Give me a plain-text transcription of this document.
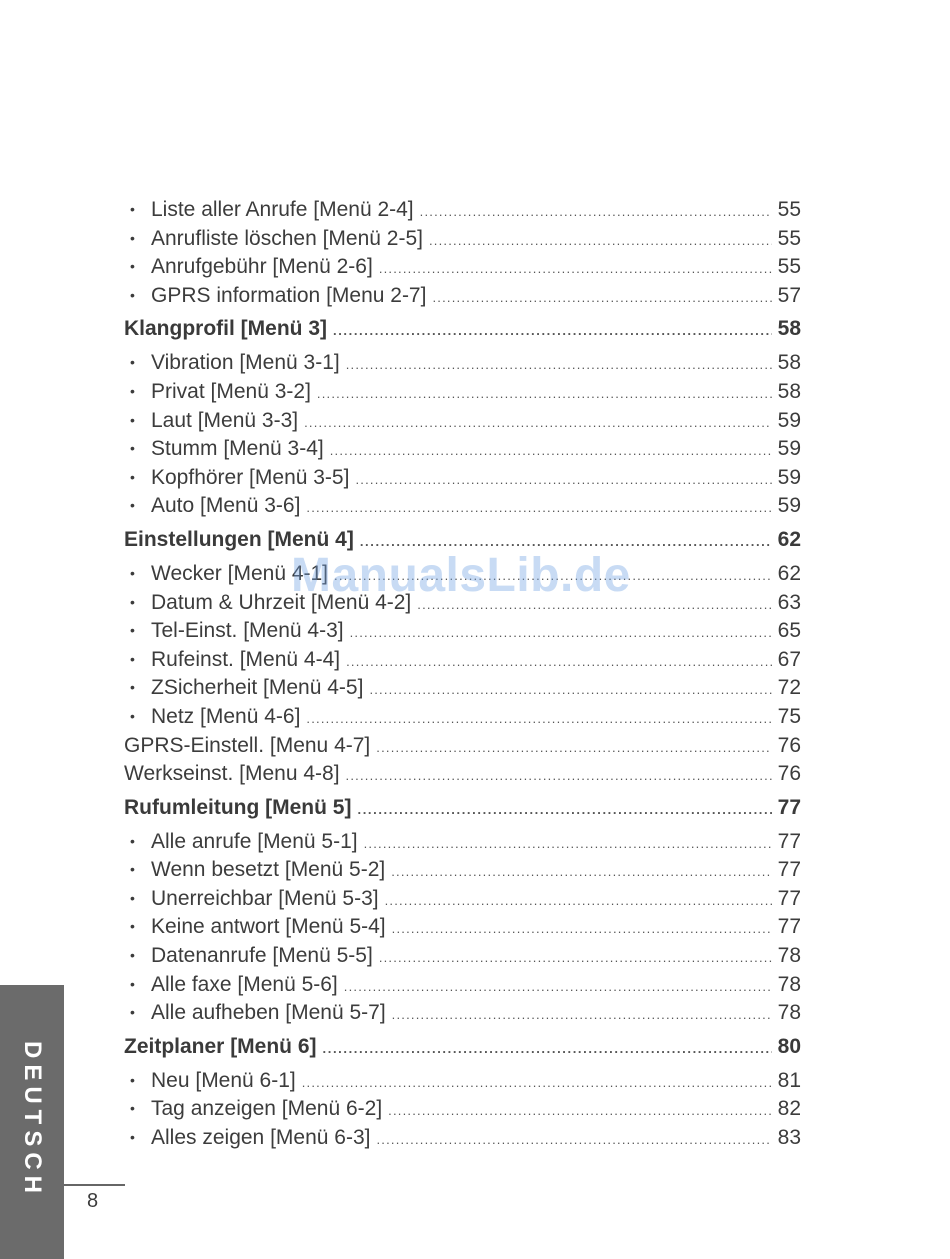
• Liste aller Anrufe [Menü 2-4] .....	55
• Anrufliste löschen [Menü 2-5] .....	55
• Anrufgebühr [Menü 2-6] .....	55
• GPRS information [Menu 2-7] .....	57
Klangprofil [Menü 3] .....	58
• Vibration [Menü 3-1] .....	58
• Privat [Menü 3-2] .....	58
• Laut [Menü 3-3] .....	59
• Stumm [Menü 3-4] .....	59
• Kopfhörer [Menü 3-5] .....	59
• Auto [Menü 3-6] .....	59
Einstellungen [Menü 4] .....	62
• Wecker [Menü 4-1] .....	62
• Datum & Uhrzeit [Menü 4-2] .....	63
• Tel-Einst. [Menü 4-3] .....	65
• Rufeinst. [Menü 4-4] .....	67
• ZSicherheit [Menü 4-5] .....	72
• Netz [Menü 4-6] .....	75
GPRS-Einstell. [Menu 4-7] .....	76
Werkseinst. [Menu 4-8] .....	76
Rufumleitung [Menü 5] .....	77
• Alle anrufe [Menü 5-1] .....	77
• Wenn besetzt [Menü 5-2] .....	77
• Unerreichbar [Menü 5-3] .....	77
• Keine antwort [Menü 5-4] .....	77
• Datenanrufe [Menü 5-5] .....	78
• Alle faxe [Menü 5-6] .....	78
• Alle aufheben [Menü 5-7] .....	78
Zeitplaner [Menü 6] .....	80
• Neu [Menü 6-1] .....	81
• Tag anzeigen [Menü 6-2] .....	82
• Alles zeigen [Menü 6-3] .....	83
ManualsLib.de
DEUTSCH
8
